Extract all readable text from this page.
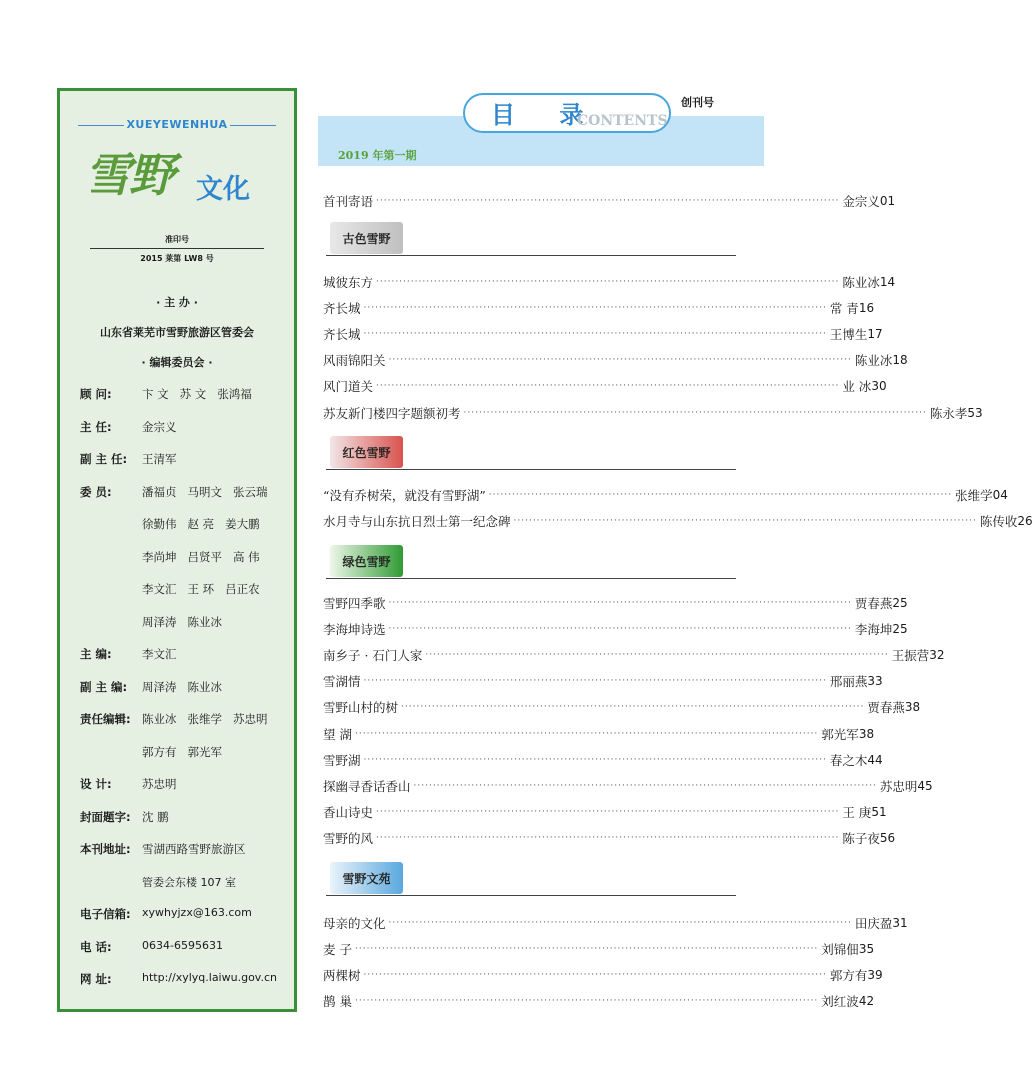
XUEYEWENHUA
雪野 文化
准印号
2015 莱第 LW8 号
· 主 办 ·
山东省莱芜市雪野旅游区管委会
· 编辑委员会 ·
顾 问:	卞 文 苏 文 张鸿福
主 任:	金宗义
副 主 任: 王清军
委 员:	潘福贞 马明文 张云瑞
徐勤伟 赵 亮 姜大鹏
李尚坤 吕贤平 高 伟
李文汇 王 环 吕正农
周泽涛 陈业冰
主 编:	李文汇
副 主 编: 周泽涛 陈业冰
责任编辑: 陈业冰 张维学 苏忠明
郭方有 郭光军
设 计:	苏忠明
封面题字: 沈 鹏
本刊地址: 雪湖西路雪野旅游区
管委会东楼 107 室
电子信箱: xywhyjzx@163.com
电 话:	0634-6595631
网 址:	http://xylyq.laiwu.gov.cn
目 录
CONTENTS
创刊号
2019 年第一期
首刊寄语 ························································································································ 金宗义 01
古色雪野
城彼东方 ························································································································ 陈业冰 14
齐长城 ························································································································ 常 青 16
齐长城 ························································································································ 王博生 17
风雨锦阳关 ························································································································ 陈业冰 18
风门道关 ························································································································ 业 冰 30
苏友新门楼四字题额初考 ························································································································ 陈永孝 53
红色雪野
“没有乔树荣，就没有雪野湖” ························································································································ 张维学 04
水月寺与山东抗日烈士第一纪念碑 ························································································································ 陈传收 26
绿色雪野
雪野四季歌 ························································································································ 贾春燕 25
李海坤诗选 ························································································································ 李海坤 25
南乡子 · 石门人家 ························································································································ 王振营 32
雪湖情 ························································································································ 邢丽燕 33
雪野山村的树 ························································································································ 贾春燕 38
望 湖 ························································································································ 郭光军 38
雪野湖 ························································································································ 春之木 44
探幽寻香话香山 ························································································································ 苏忠明 45
香山诗史 ························································································································ 王 庚 51
雪野的风 ························································································································ 陈子夜 56
雪野文苑
母亲的文化 ························································································································ 田庆盈 31
麦 子 ························································································································ 刘锦佃 35
两棵树 ························································································································ 郭方有 39
鹊 巢 ························································································································ 刘红波 42
